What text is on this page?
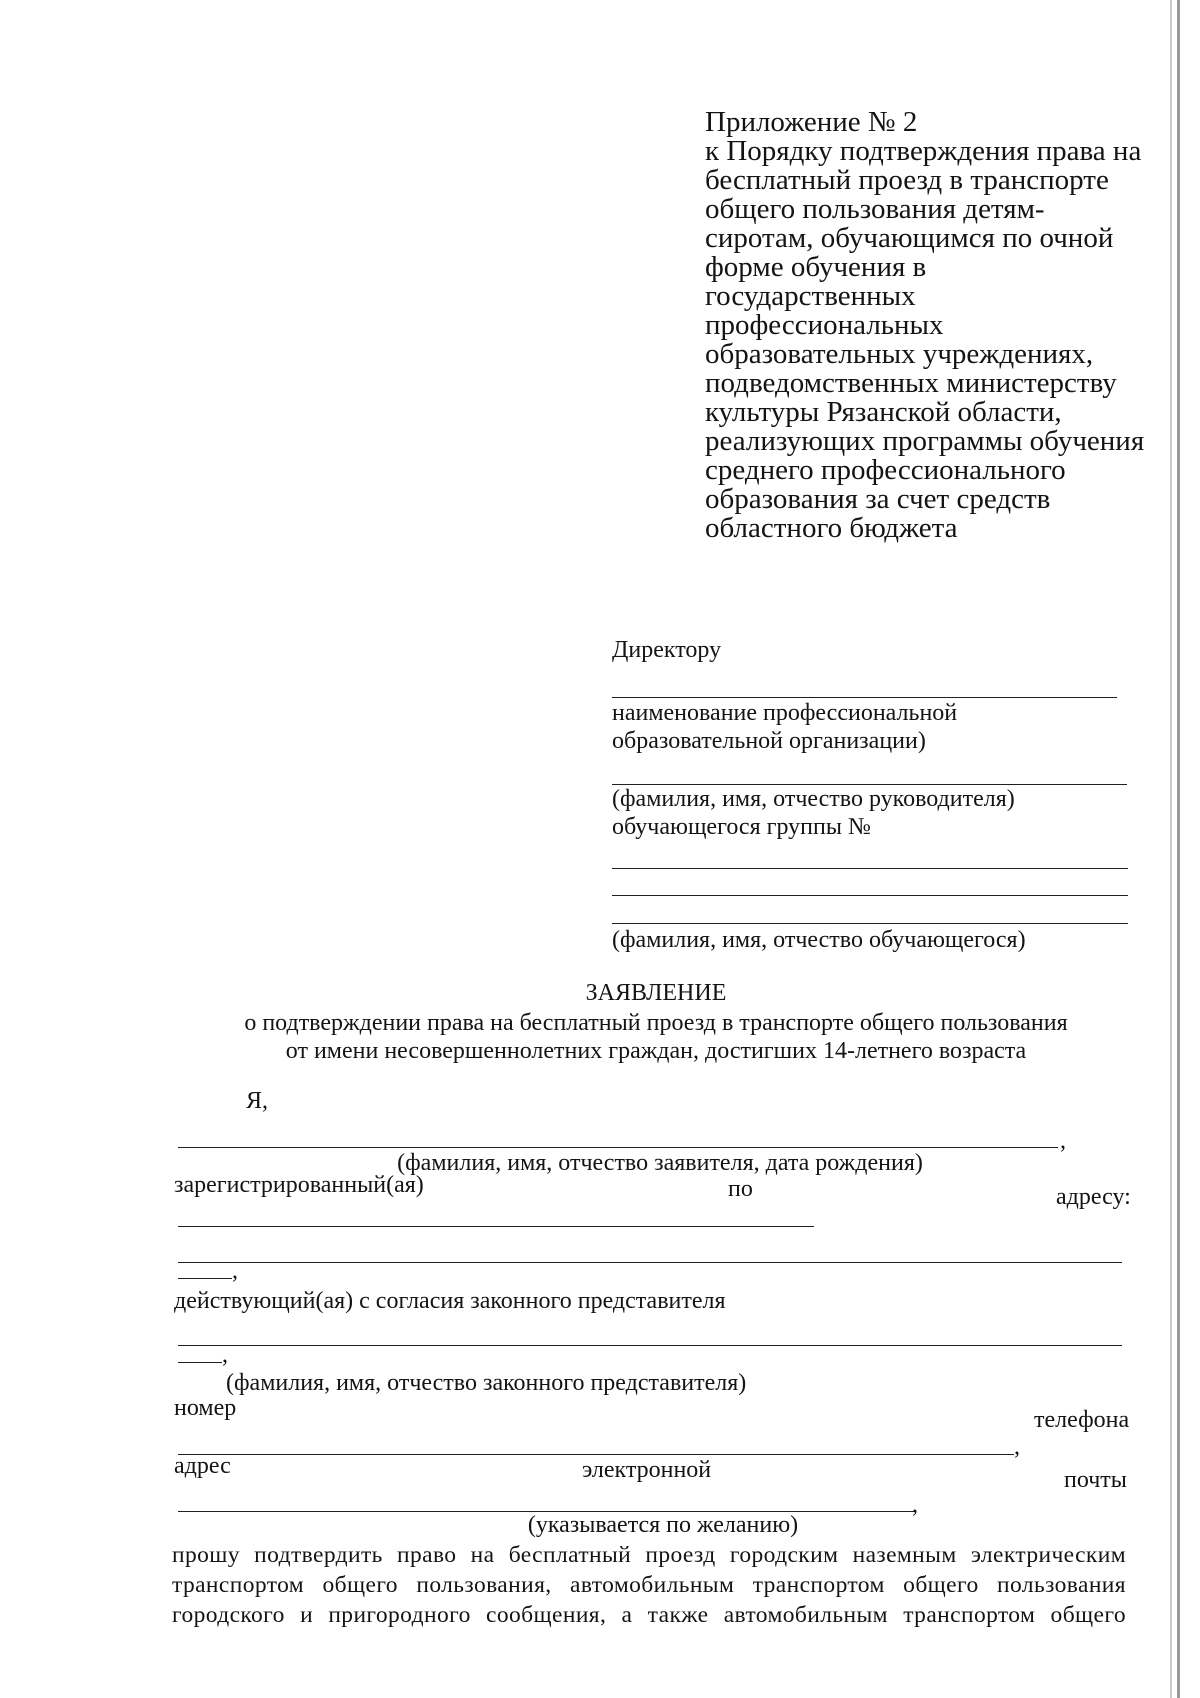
Приложение № 2
к Порядку подтверждения права на
бесплатный проезд в транспорте
общего пользования детям-
сиротам, обучающимся по очной
форме обучения в
государственных
профессиональных
образовательных учреждениях,
подведомственных министерству
культуры Рязанской области,
реализующих программы обучения
среднего профессионального
образования за счет средств
областного бюджета
Директору
наименование профессиональной
образовательной организации)
(фамилия, имя, отчество руководителя)
обучающегося группы №
(фамилия, имя, отчество обучающегося)
ЗАЯВЛЕНИЕ
о подтверждении права на бесплатный проезд в транспорте общего пользования
от имени несовершеннолетних граждан, достигших 14-летнего возраста
Я,
,
(фамилия, имя, отчество заявителя, дата рождения)
зарегистрированный(ая)	по	адресу:
,
действующий(ая) с согласия законного представителя
,
(фамилия, имя, отчество законного представителя)
номер	телефона
,
адрес	электронной	почты
,
(указывается по желанию)
прошу подтвердить право на бесплатный проезд городским наземным электрическим
транспортом общего пользования, автомобильным транспортом общего пользования
городского и пригородного сообщения, а также автомобильным транспортом общего
